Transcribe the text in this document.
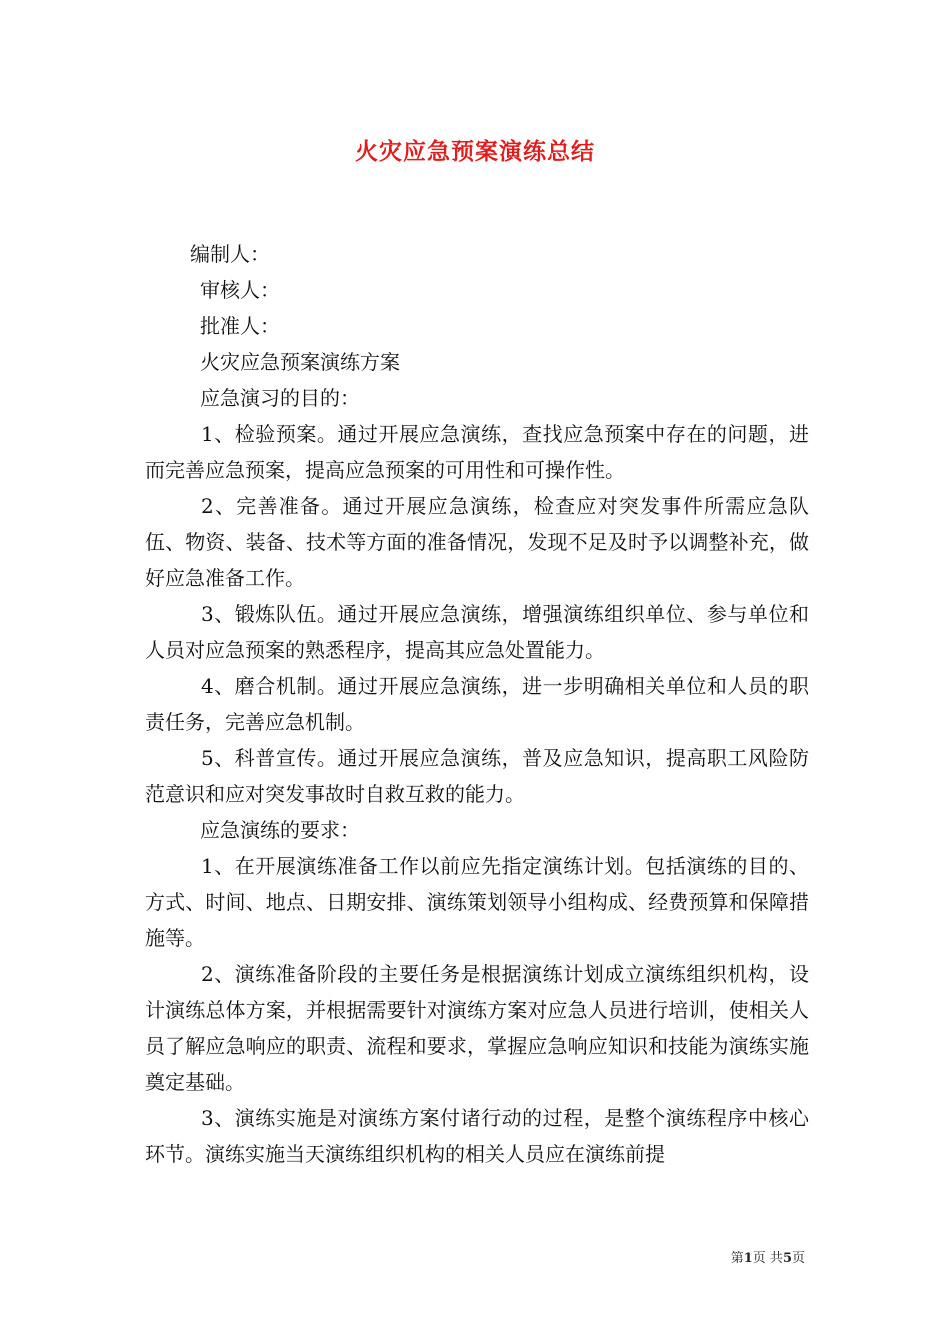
火灾应急预案演练总结

编制人：

审核人：

批准人：

火灾应急预案演练方案

应急演习的目的：

1、检验预案。通过开展应急演练，查找应急预案中存在的问题，进而完善应急预案，提高应急预案的可用性和可操作性。

2、完善准备。通过开展应急演练，检查应对突发事件所需应急队伍、物资、装备、技术等方面的准备情况，发现不足及时予以调整补充，做好应急准备工作。

3、锻炼队伍。通过开展应急演练，增强演练组织单位、参与单位和人员对应急预案的熟悉程序，提高其应急处置能力。

4、磨合机制。通过开展应急演练，进一步明确相关单位和人员的职责任务，完善应急机制。

5、科普宣传。通过开展应急演练，普及应急知识，提高职工风险防范意识和应对突发事故时自救互救的能力。

应急演练的要求：

1、在开展演练准备工作以前应先指定演练计划。包括演练的目的、方式、时间、地点、日期安排、演练策划领导小组构成、经费预算和保障措施等。

2、演练准备阶段的主要任务是根据演练计划成立演练组织机构，设计演练总体方案，并根据需要针对演练方案对应急人员进行培训，使相关人员了解应急响应的职责、流程和要求，掌握应急响应知识和技能为演练实施奠定基础。

3、演练实施是对演练方案付诸行动的过程，是整个演练程序中核心环节。演练实施当天演练组织机构的相关人员应在演练前提

第1页 共5页
